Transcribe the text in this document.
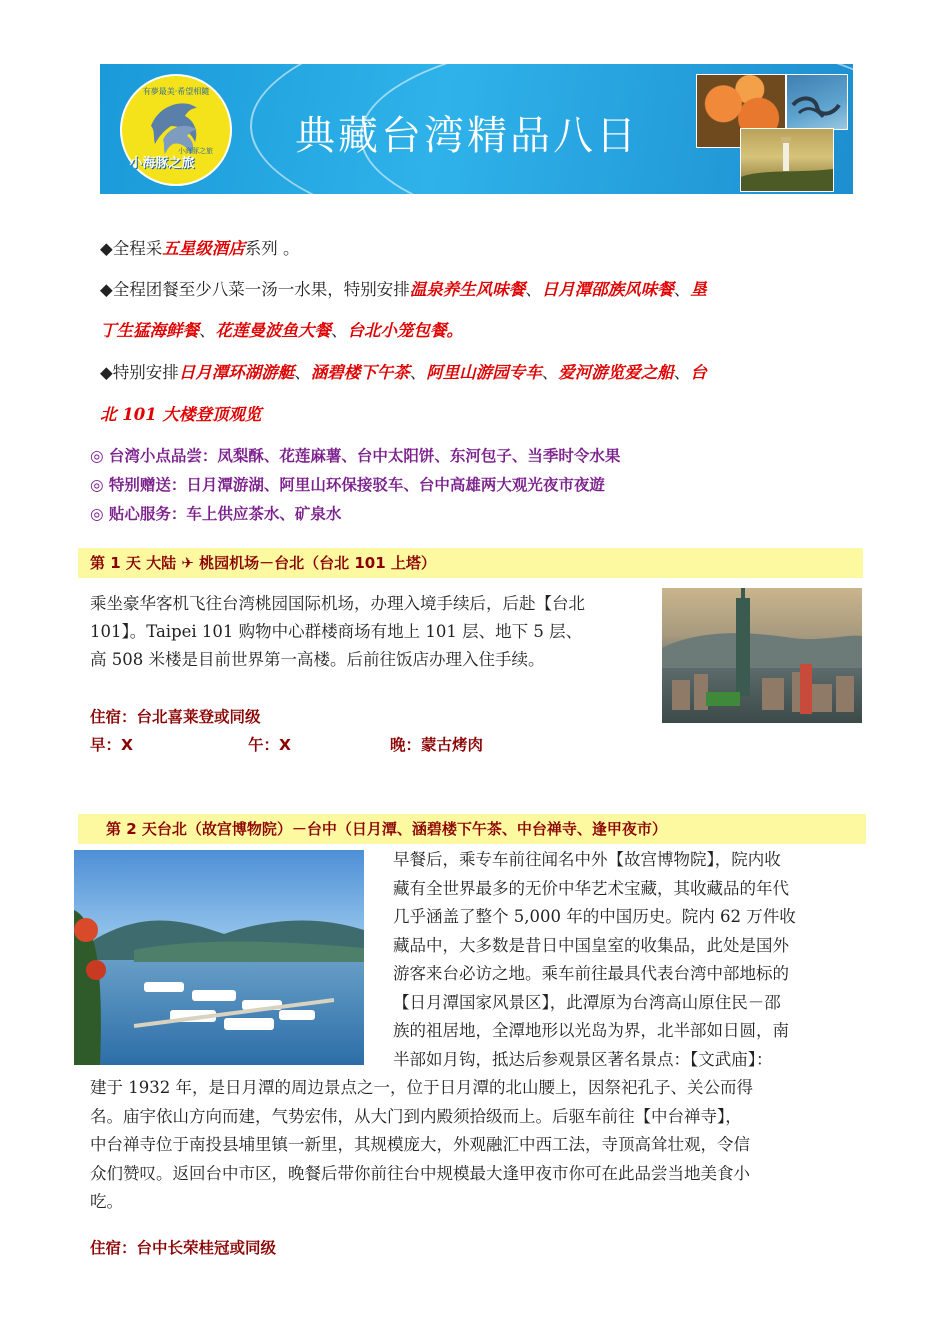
有夢最美·希望相隨
小海豚之旅
小海豚之旅
典藏台湾精品八日
◆全程采五星级酒店系列 。
◆全程团餐至少八菜一汤一水果，特别安排温泉养生风味餐、日月潭邵族风味餐、垦
丁生猛海鲜餐、花莲曼波鱼大餐、台北小笼包餐。
◆特别安排日月潭环湖游艇、涵碧楼下午茶、阿里山游园专车、爱河游览爱之船、台
北 101 大楼登顶观览
◎ 台湾小点品尝：凤梨酥、花莲麻薯、台中太阳饼、东河包子、当季时令水果
◎ 特别赠送：日月潭游湖、阿里山环保接驳车、台中高雄两大观光夜市夜遊
◎ 贴心服务：车上供应茶水、矿泉水
第 1 天 大陆 ✈ 桃园机场－台北（台北 101 上塔）
乘坐豪华客机飞往台湾桃园国际机场，办理入境手续后，后赴【台北
101】。Taipei 101 购物中心群楼商场有地上 101 层、地下 5 层、
高 508 米楼是目前世界第一高楼。后前往饭店办理入住手续。
住宿：台北喜莱登或同级
早：X	午：X	晚：蒙古烤肉
第 2 天台北（故宫博物院）－台中（日月潭、涵碧楼下午茶、中台禅寺、逢甲夜市）
早餐后，乘专车前往闻名中外【故宫博物院】，院内收
藏有全世界最多的无价中华艺术宝藏，其收藏品的年代
几乎涵盖了整个 5,000 年的中国历史。院内 62 万件收
藏品中，大多数是昔日中国皇室的收集品，此处是国外
游客来台必访之地。乘车前往最具代表台湾中部地标的
【日月潭国家风景区】，此潭原为台湾高山原住民－邵
族的祖居地，全潭地形以光岛为界，北半部如日圆，南
半部如月钩，抵达后参观景区著名景点：【文武庙】：
建于 1932 年，是日月潭的周边景点之一，位于日月潭的北山腰上，因祭祀孔子、关公而得
名。庙宇依山方向而建，气势宏伟，从大门到内殿须拾级而上。后驱车前往【中台禅寺】，
中台禅寺位于南投县埔里镇一新里，其规模庞大，外观融汇中西工法，寺顶高耸壮观，令信
众们赞叹。返回台中市区，晚餐后带你前往台中规模最大逢甲夜市你可在此品尝当地美食小
吃。
住宿：台中长荣桂冠或同级
